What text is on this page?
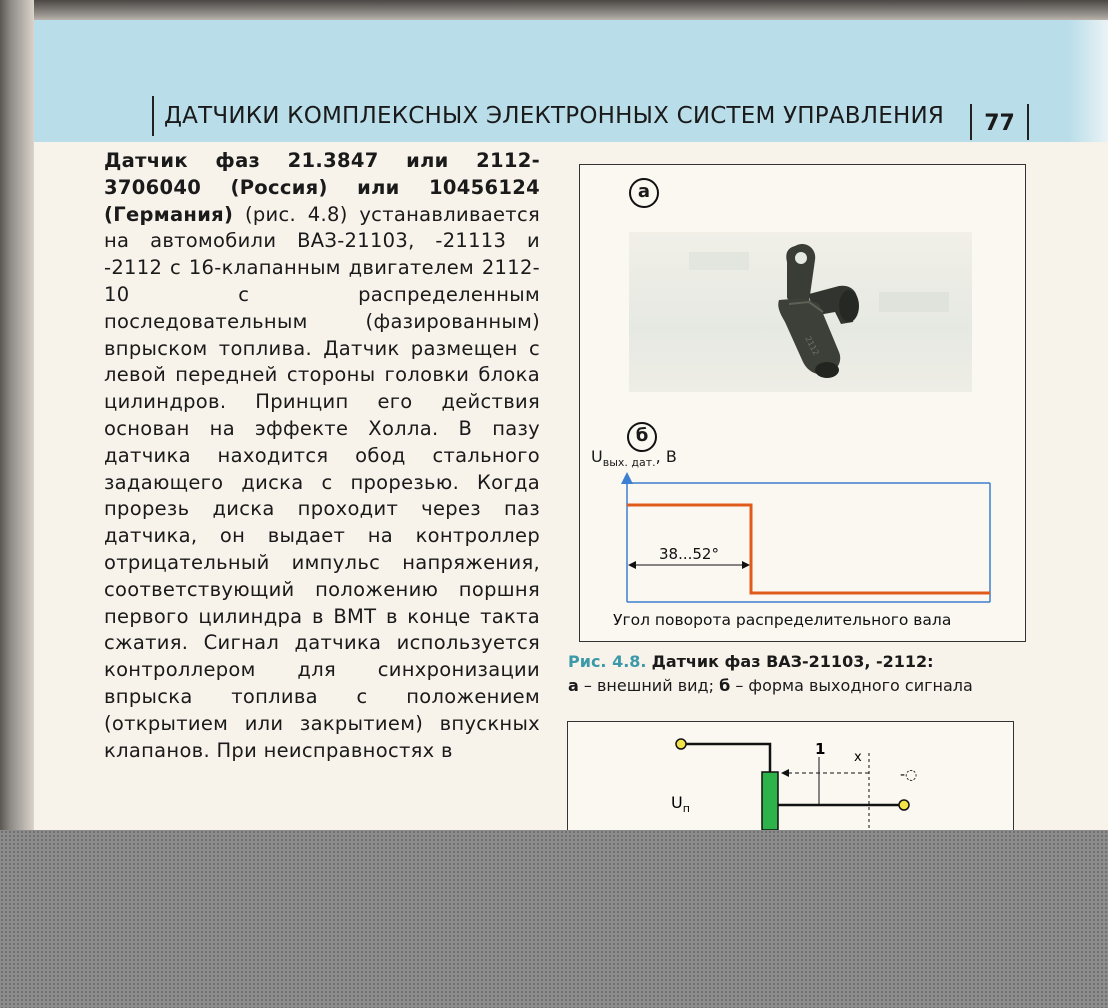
ДАТЧИКИ КОМПЛЕКСНЫХ ЭЛЕКТРОННЫХ СИСТЕМ УПРАВЛЕНИЯ	77
Датчик фаз 21.3847 или 2112-3706040 (Россия) или 10456124 (Германия) (рис. 4.8) устанавливается на автомобили ВАЗ-21103, -21113 и -2112 с 16-клапанным двигателем 2112-10 с распределенным последовательным (фазированным) впрыском топлива. Датчик размещен с левой передней стороны головки блока цилиндров. Принцип его действия основан на эффекте Холла. В пазу датчика находится обод стального задающего диска с прорезью. Когда прорезь диска проходит через паз датчика, он выдает на контроллер отрицательный импульс напряжения, соответствующий положению поршня первого цилиндра в ВМТ в конце такта сжатия. Сигнал датчика используется контроллером для синхронизации впрыска топлива с положением (открытием или закрытием) впускных клапанов. При неисправностях в
а
2112
б
$U_{вых. дат.}$, В
38...52°
Угол поворота распределительного вала
Рис. 4.8. Датчик фаз ВАЗ-21103, -2112:
а – внешний вид; б – форма выходного сигнала
-◌
1 x
$U_п$
